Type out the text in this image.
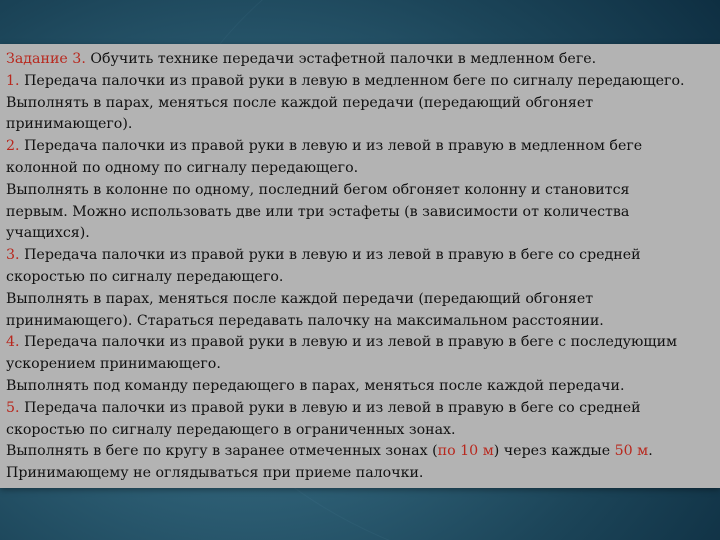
Задание 3. Обучить технике передачи эстафетной палочки в медленном беге.
1. Передача палочки из правой руки в левую в медленном беге по сигналу передающего.
Выполнять в парах, меняться после каждой передачи (передающий обгоняет
принимающего).
2. Передача палочки из правой руки в левую и из левой в правую в медленном беге
колонной по одному по сигналу передающего.
Выполнять в колонне по одному, последний бегом обгоняет колонну и становится
первым. Можно использовать две или три эстафеты (в зависимости от количества
учащихся).
3. Передача палочки из правой руки в левую и из левой в правую в беге со средней
скоростью по сигналу передающего.
Выполнять в парах, меняться после каждой передачи (передающий обгоняет
принимающего). Стараться передавать палочку на максимальном расстоянии.
4. Передача палочки из правой руки в левую и из левой в правую в беге с последующим
ускорением принимающего.
Выполнять под команду передающего в парах, меняться после каждой передачи.
5. Передача палочки из правой руки в левую и из левой в правую в беге со средней
скоростью по сигналу передающего в ограниченных зонах.
Выполнять в беге по кругу в заранее отмеченных зонах (по 10 м) через каждые 50 м.
Принимающему не оглядываться при приеме палочки.
